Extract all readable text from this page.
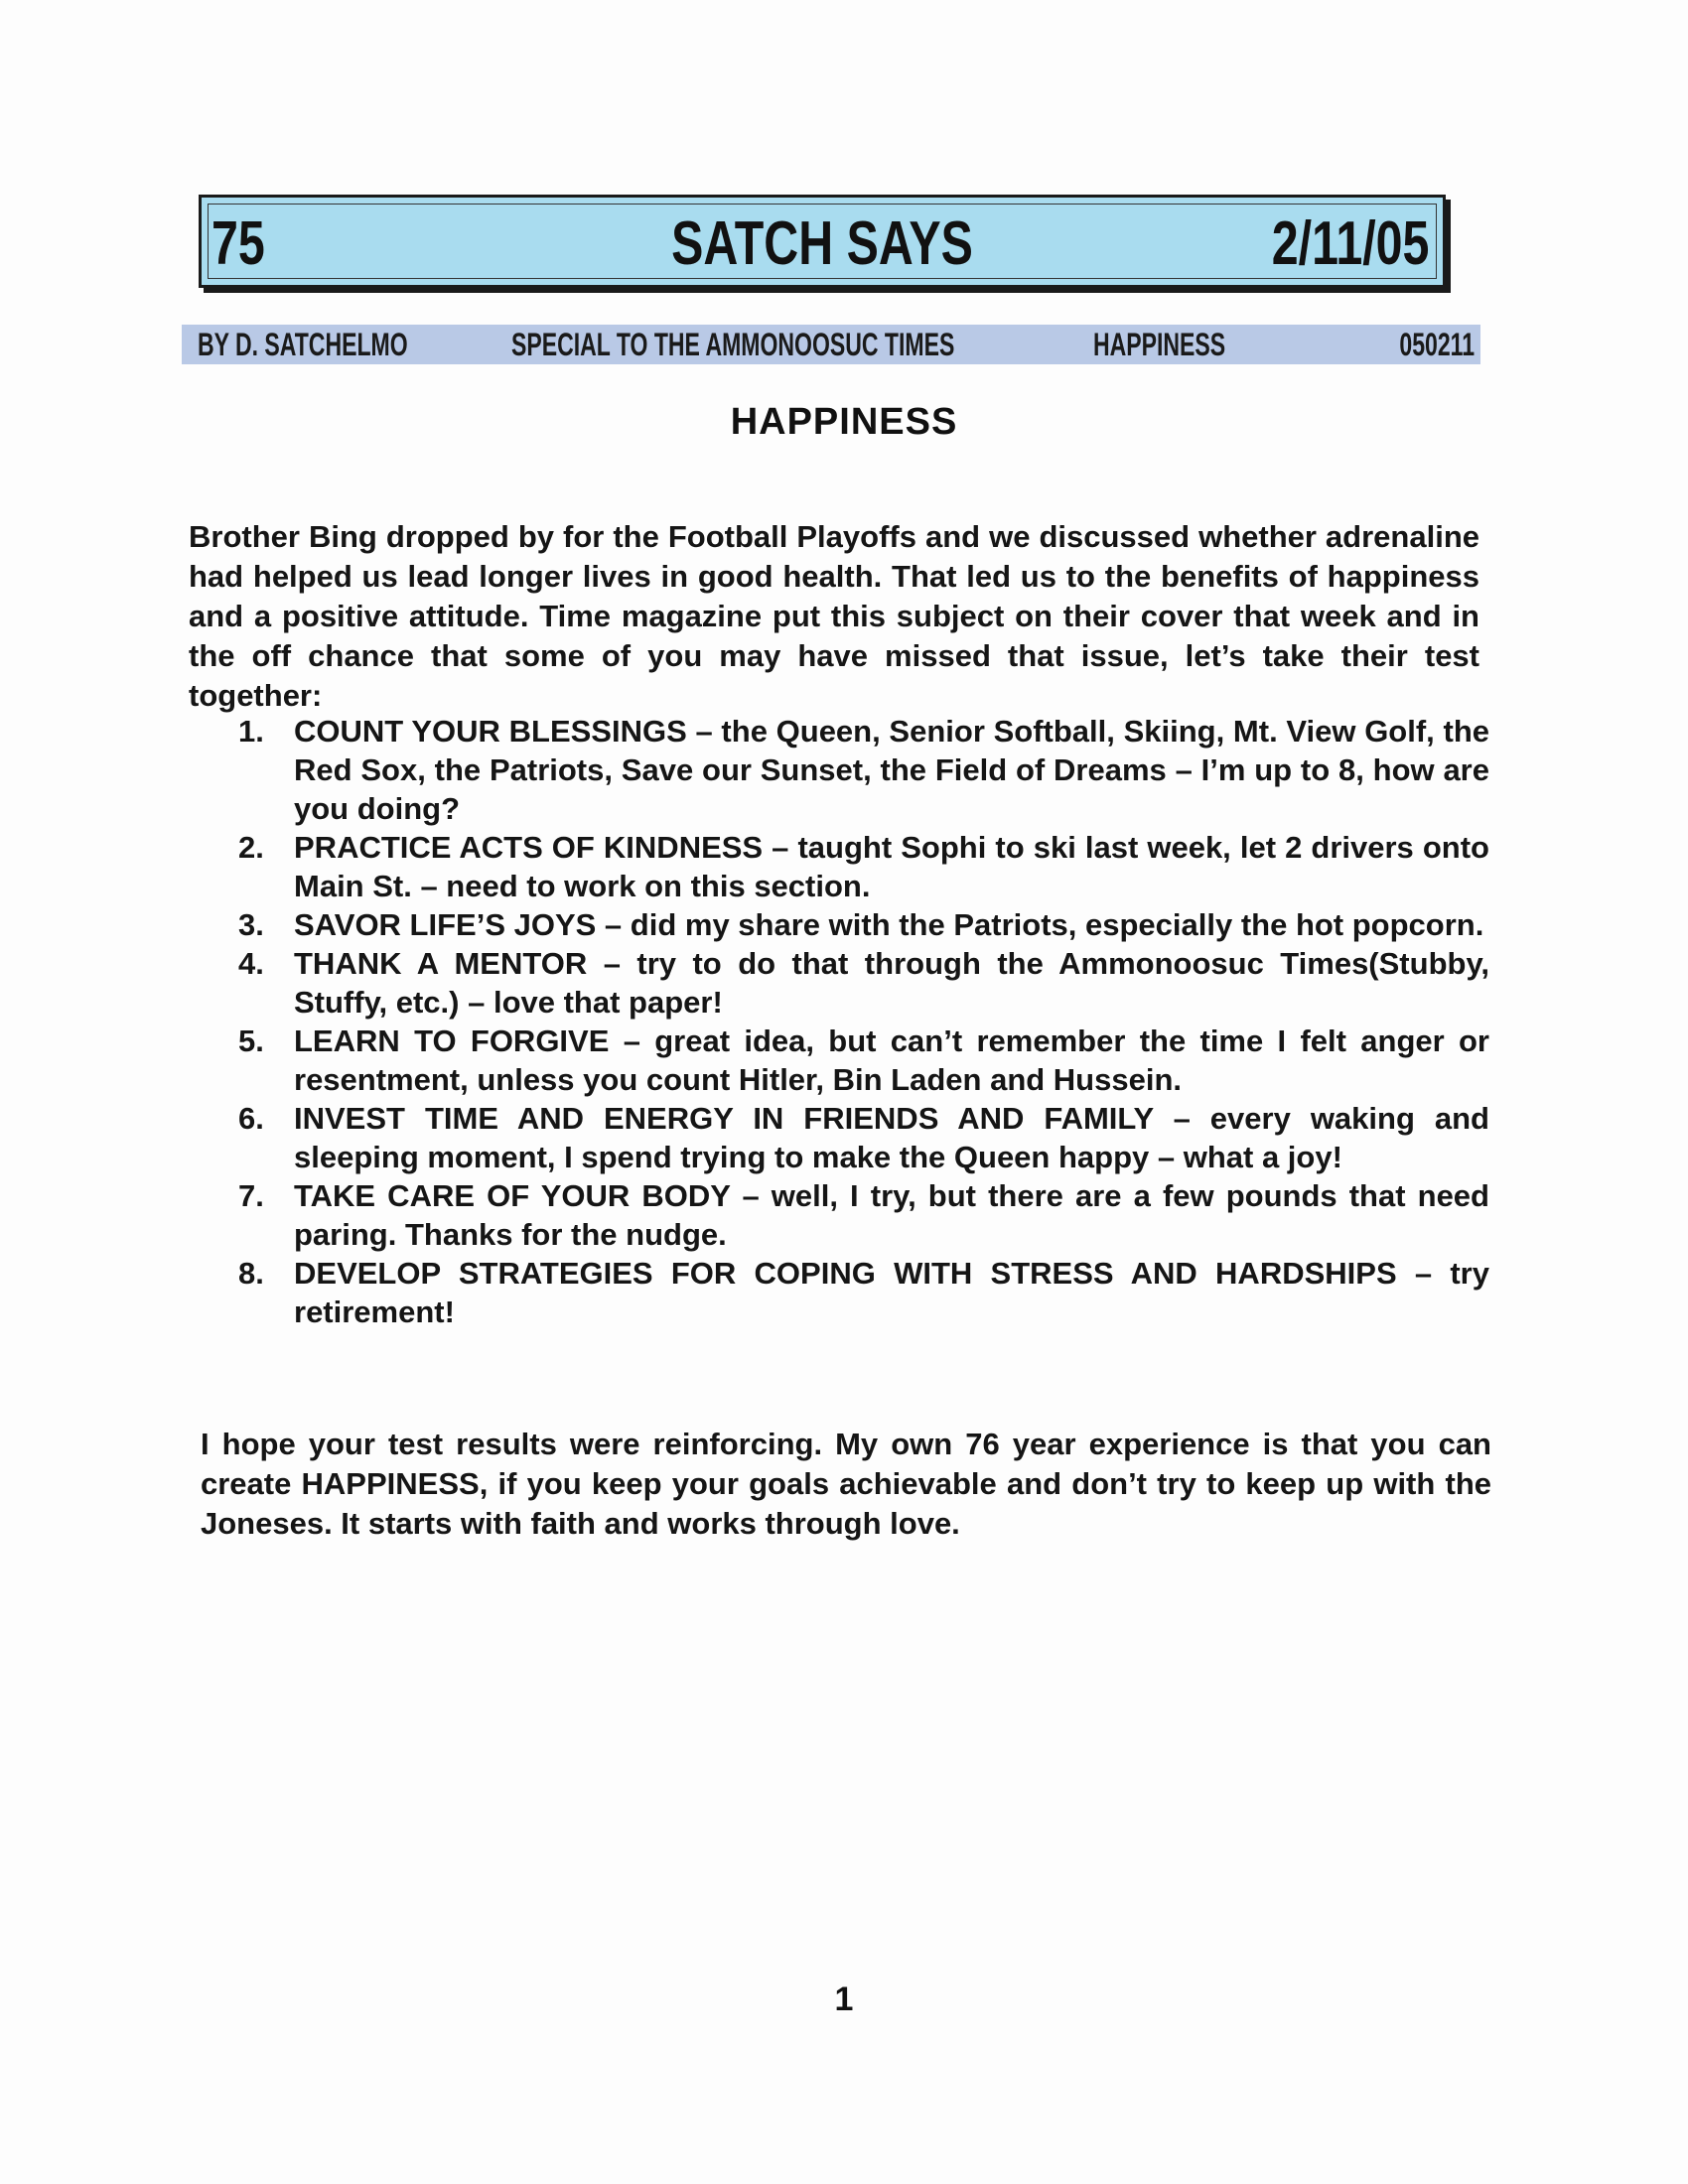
75	SATCH SAYS	2/11/05
BY D. SATCHELMO	SPECIAL TO THE AMMONOOSUC TIMES	HAPPINESS	050211
HAPPINESS

Brother Bing dropped by for the Football Playoffs and we discussed whether adrenaline had helped us lead longer lives in good health. That led us to the benefits of happiness and a positive attitude. Time magazine put this subject on their cover that week and in the off chance that some of you may have missed that issue, let’s take their test together:

1. COUNT YOUR BLESSINGS – the Queen, Senior Softball, Skiing, Mt. View Golf, the Red Sox, the Patriots, Save our Sunset, the Field of Dreams – I’m up to 8, how are you doing?
2. PRACTICE ACTS OF KINDNESS – taught Sophi to ski last week, let 2 drivers onto Main St. – need to work on this section.
3. SAVOR LIFE’S JOYS – did my share with the Patriots, especially the hot popcorn.
4. THANK A MENTOR – try to do that through the Ammonoosuc Times(Stubby, Stuffy, etc.) – love that paper!
5. LEARN TO FORGIVE – great idea, but can’t remember the time I felt anger or resentment, unless you count Hitler, Bin Laden and Hussein.
6. INVEST TIME AND ENERGY IN FRIENDS AND FAMILY – every waking and sleeping moment, I spend trying to make the Queen happy – what a joy!
7. TAKE CARE OF YOUR BODY – well, I try, but there are a few pounds that need paring. Thanks for the nudge.
8. DEVELOP STRATEGIES FOR COPING WITH STRESS AND HARDSHIPS – try retirement!

I hope your test results were reinforcing. My own 76 year experience is that you can create HAPPINESS, if you keep your goals achievable and don’t try to keep up with the Joneses. It starts with faith and works through love.

1
